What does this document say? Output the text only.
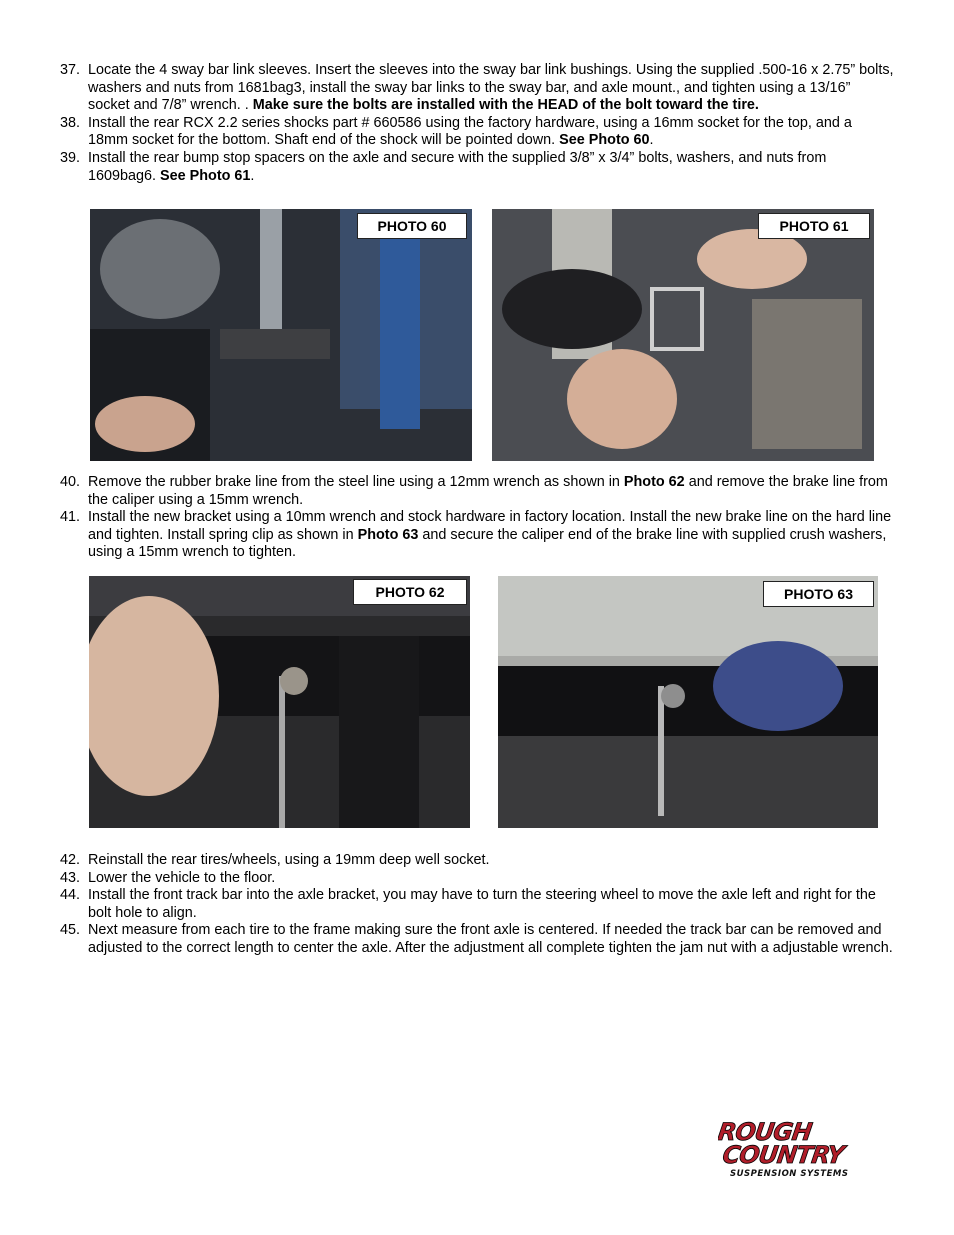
37. Locate the 4 sway bar link sleeves. Insert the sleeves into the sway bar link bushings. Using the supplied .500-16 x 2.75” bolts, washers and nuts from 1681bag3, install the sway bar links to the sway bar, and axle mount., and tighten using a 13/16” socket and 7/8” wrench. . Make sure the bolts are installed with the HEAD of the bolt toward the tire.
38. Install the rear RCX 2.2 series shocks part # 660586 using the factory hardware, using a 16mm socket for the top, and a 18mm socket for the bottom. Shaft end of the shock will be pointed down. See Photo 60.
39. Install the rear bump stop spacers on the axle and secure with the supplied 3/8” x 3/4” bolts, washers, and nuts from 1609bag6. See Photo 61.
PHOTO 60	PHOTO 61
40. Remove the rubber brake line from the steel line using a 12mm wrench as shown in Photo 62 and remove the brake line from the caliper using a 15mm wrench.
41. Install the new bracket using a 10mm wrench and stock hardware in factory location. Install the new brake line on the hard line and tighten. Install spring clip as shown in Photo 63 and secure the caliper end of the brake line with supplied crush washers, using a 15mm wrench to tighten.
PHOTO 62	PHOTO 63
42. Reinstall the rear tires/wheels, using a 19mm deep well socket.
43. Lower the vehicle to the floor.
44. Install the front track bar into the axle bracket, you may have to turn the steering wheel to move the axle left and right for the bolt hole to align.
45. Next measure from each tire to the frame making sure the front axle is centered. If needed the track bar can be removed and adjusted to the correct length to center the axle. After the adjustment all complete tighten the jam nut with a adjustable wrench.
ROUGH
COUNTRY
SUSPENSION SYSTEMS
